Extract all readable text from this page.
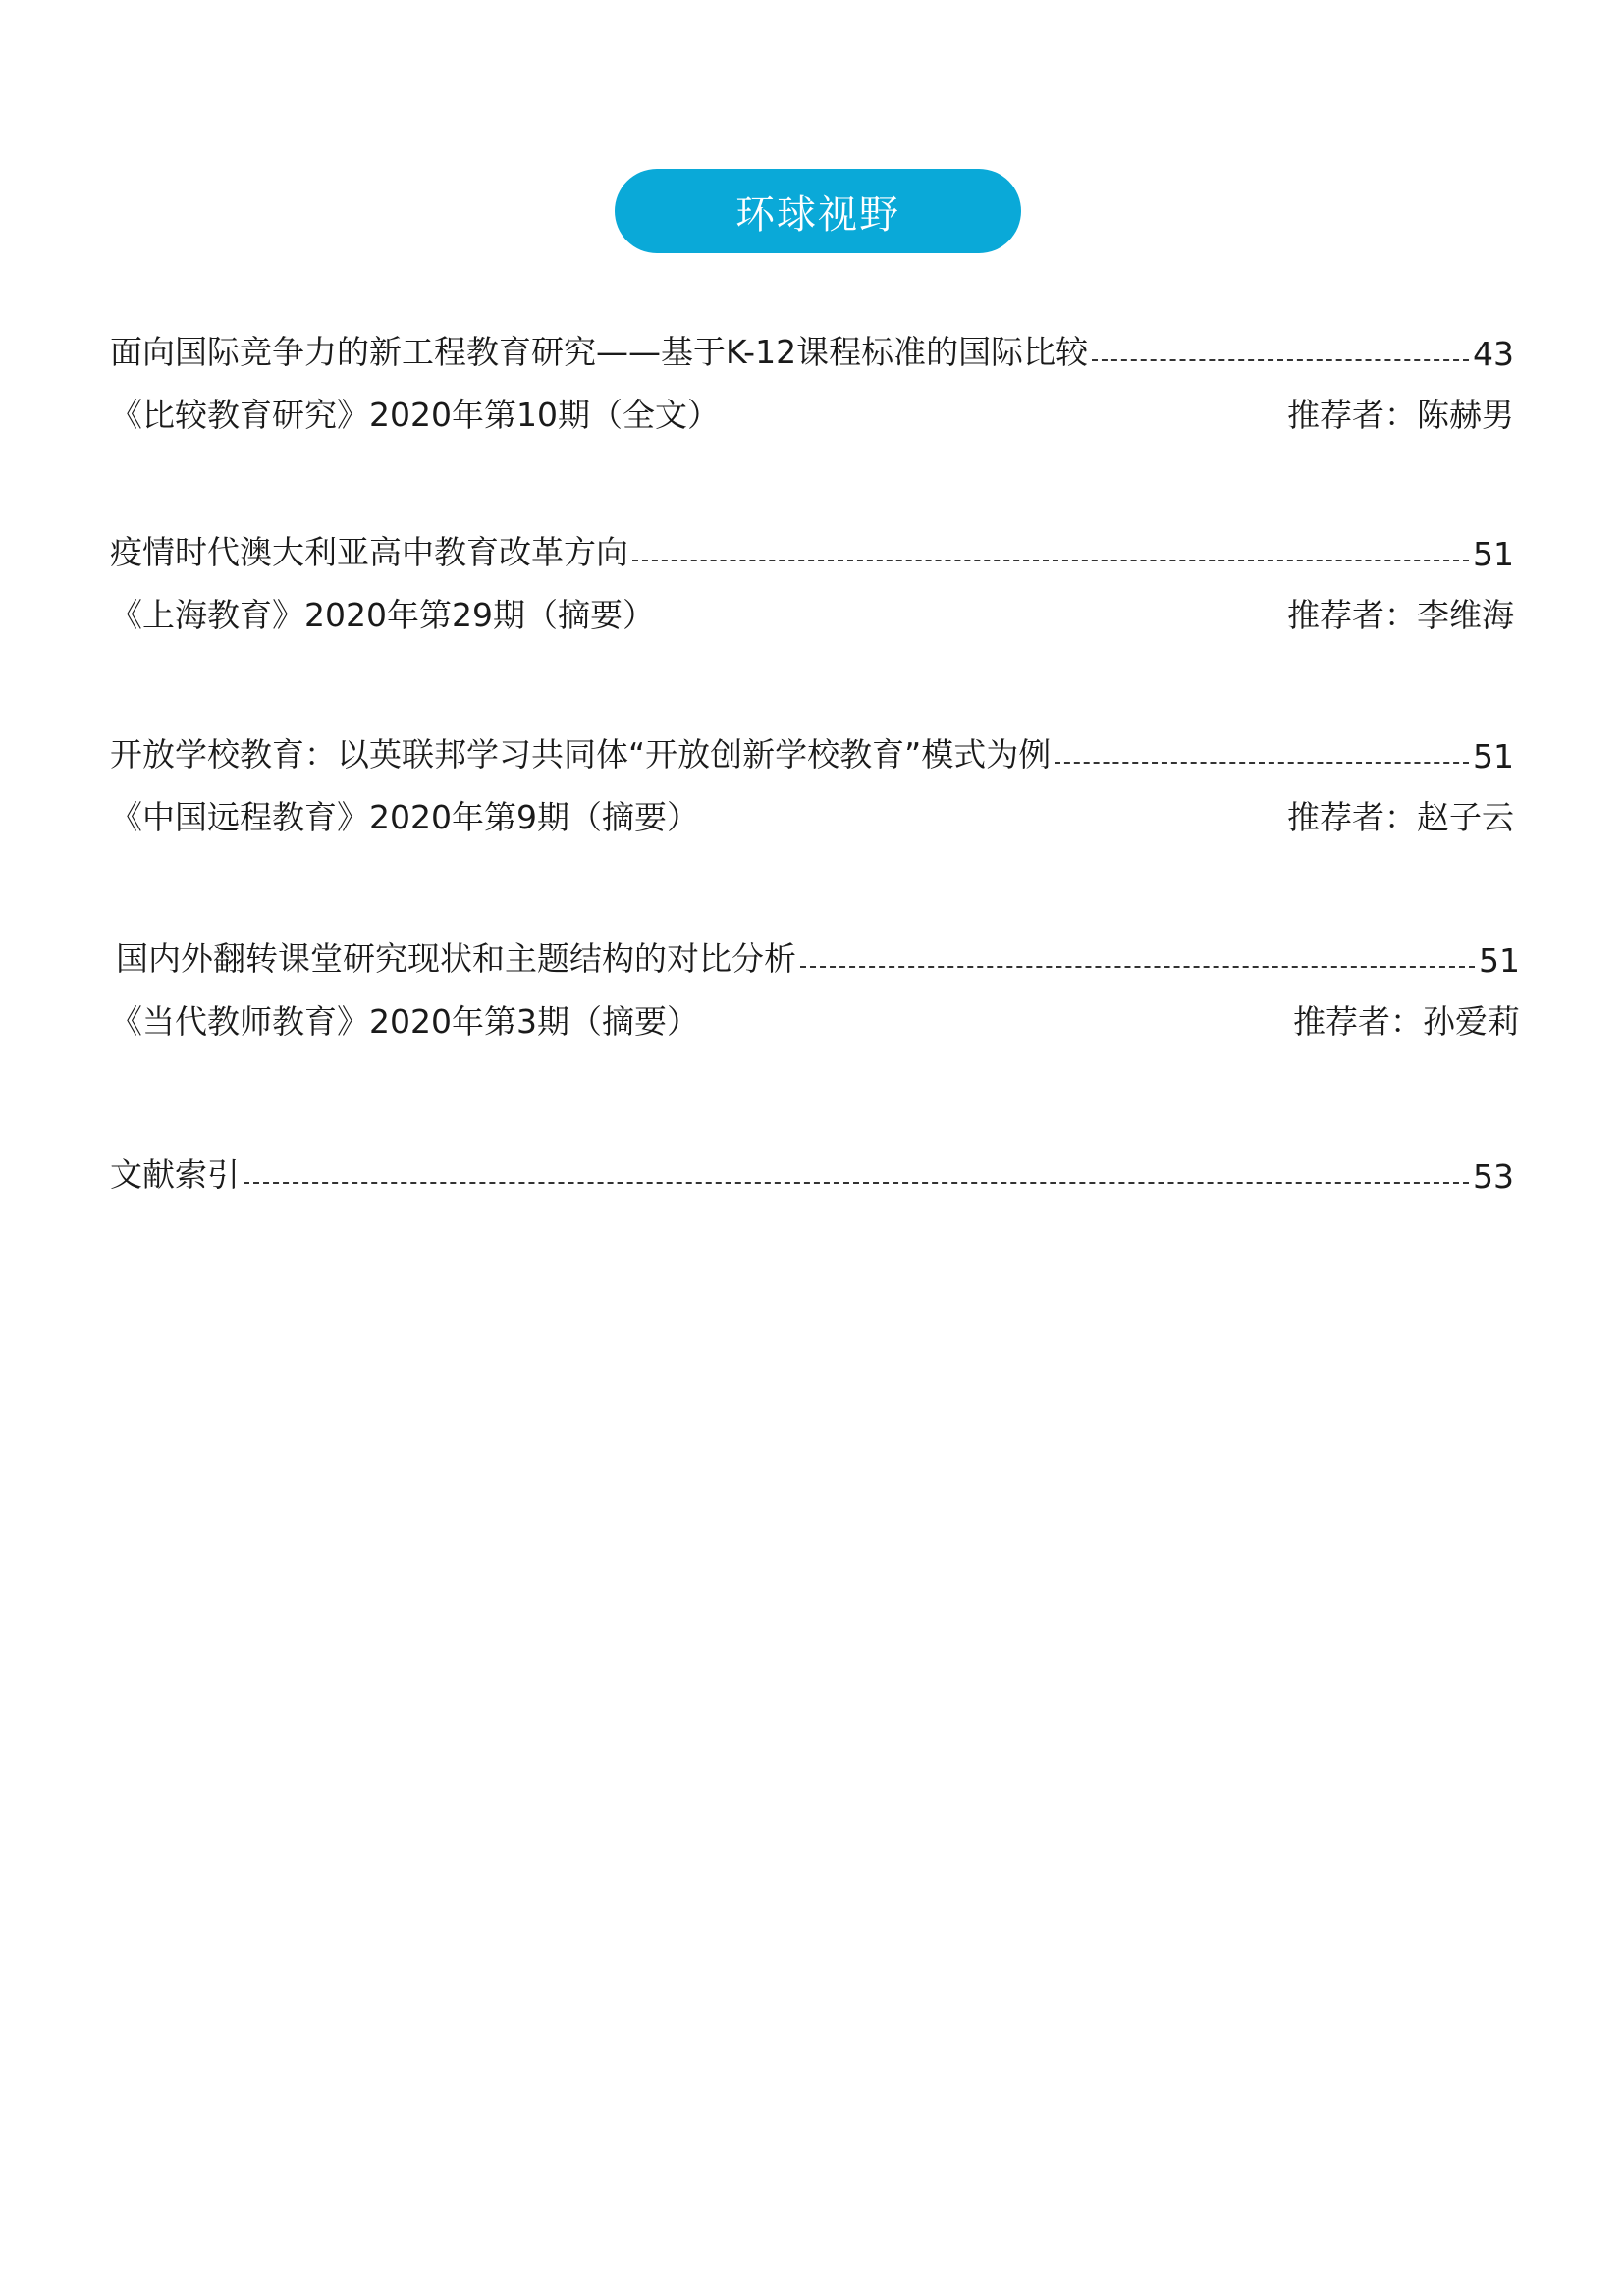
环球视野
面向国际竞争力的新工程教育研究——基于K-12课程标准的国际比较	43
《比较教育研究》2020年第10期（全文）	推荐者： 陈赫男
疫情时代澳大利亚高中教育改革方向	51
《上海教育》2020年第29期（摘要）	推荐者： 李维海
开放学校教育：以英联邦学习共同体“开放创新学校教育”模式为例	51
《中国远程教育》2020年第9期（摘要）	推荐者： 赵子云
国内外翻转课堂研究现状和主题结构的对比分析	51
《当代教师教育》2020年第3期（摘要）	推荐者： 孙爱莉
文献索引	53
